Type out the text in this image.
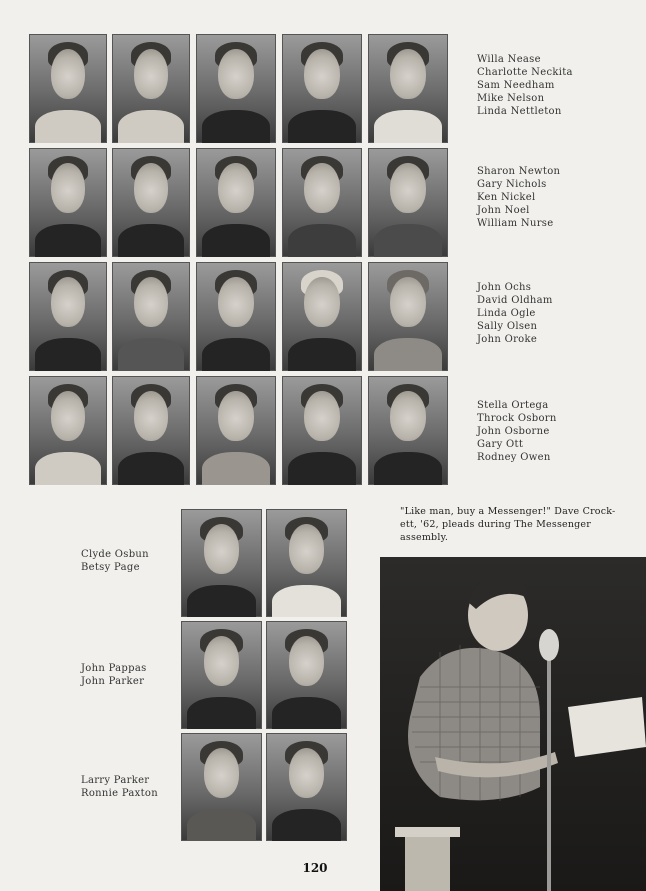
Willa Nease
Charlotte Neckita
Sam Needham
Mike Nelson
Linda Nettleton
Sharon Newton
Gary Nichols
Ken Nickel
John Noel
William Nurse
John Ochs
David Oldham
Linda Ogle
Sally Olsen
John Oroke
Stella Ortega
Throck Osborn
John Osborne
Gary Ott
Rodney Owen
Clyde Osbun
Betsy Page
John Pappas
John Parker
Larry Parker
Ronnie Paxton
"Like man, buy a Messenger!" Dave Crock- ett, '62, pleads during The Messenger assembly.
120
